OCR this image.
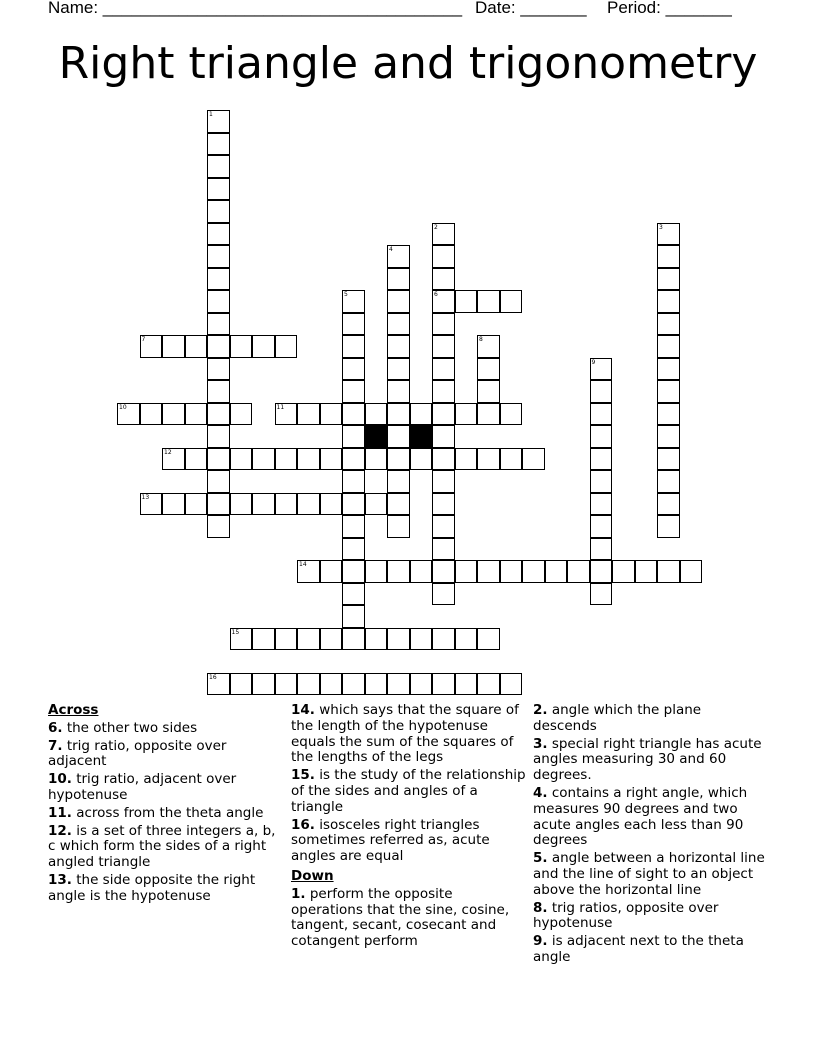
Name: ______________________________________ Date: _______ Period: _______
Right triangle and trigonometry
1
2	3
4
5	6
7	8
9
10	11
12
13
14
15
16
Across
6. the other two sides
7. trig ratio, opposite over adjacent
10. trig ratio, adjacent over hypotenuse
11. across from the theta angle
12. is a set of three integers a, b, c which form the sides of a right angled triangle
13. the side opposite the right angle is the hypotenuse
14. which says that the square of the length of the hypotenuse equals the sum of the squares of the lengths of the legs
15. is the study of the relationship of the sides and angles of a triangle
16. isosceles right triangles sometimes referred as, acute angles are equal
Down
1. perform the opposite operations that the sine, cosine, tangent, secant, cosecant and cotangent perform
2. angle which the plane descends
3. special right triangle has acute angles measuring 30 and 60 degrees.
4. contains a right angle, which measures 90 degrees and two acute angles each less than 90 degrees
5. angle between a horizontal line and the line of sight to an object above the horizontal line
8. trig ratios, opposite over hypotenuse
9. is adjacent next to the theta angle
